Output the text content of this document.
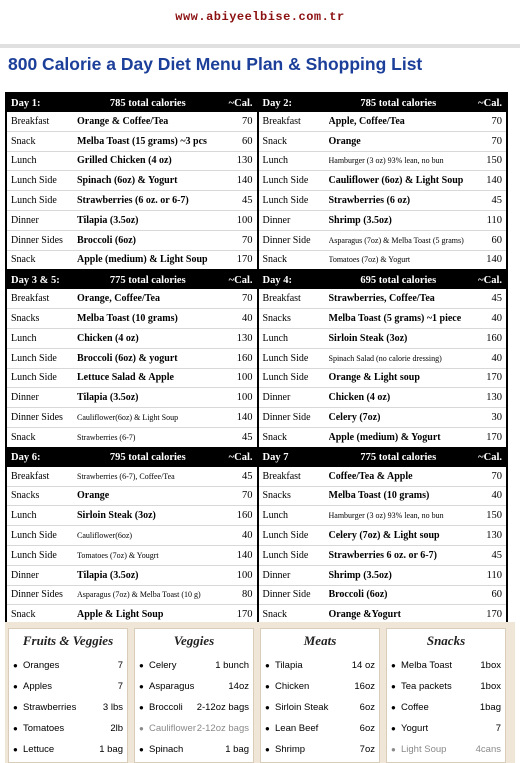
www.abiyeelbise.com.tr
800 Calorie a Day Diet Menu Plan & Shopping List
Day 1:	785 total calories	~Cal.
Breakfast	Orange & Coffee/Tea	70
Snack	Melba Toast (15 grams) ~3 pcs	60
Lunch	Grilled Chicken (4 oz)	130
Lunch Side	Spinach (6oz) & Yogurt	140
Lunch Side	Strawberries (6 oz. or 6-7)	45
Dinner	Tilapia (3.5oz)	100
Dinner Sides	Broccoli (6oz)	70
Snack	Apple (medium) & Light Soup	170
Day 2:	785 total calories	~Cal.
Breakfast	Apple, Coffee/Tea	70
Snack	Orange	70
Lunch	Hamburger (3 oz) 93% lean, no bun	150
Lunch Side	Cauliflower (6oz) & Light Soup	140
Lunch Side	Strawberries (6 oz)	45
Dinner	Shrimp (3.5oz)	110
Dinner Side	Asparagus (7oz) & Melba Toast (5 grams)	60
Snack	Tomatoes (7oz) & Yogurt	140
Day 3 & 5:	775 total calories	~Cal.
Breakfast	Orange, Coffee/Tea	70
Snacks	Melba Toast (10 grams)	40
Lunch	Chicken (4 oz)	130
Lunch Side	Broccoli (6oz) & yogurt	160
Lunch Side	Lettuce Salad & Apple	100
Dinner	Tilapia (3.5oz)	100
Dinner Sides	Cauliflower(6oz) & Light Soup	140
Snack	Strawberries (6-7)	45
Day 4:	695 total calories	~Cal.
Breakfast	Strawberries, Coffee/Tea	45
Snacks	Melba Toast (5 grams) ~1 piece	40
Lunch	Sirloin Steak (3oz)	160
Lunch Side	Spinach Salad (no calorie dressing)	40
Lunch Side	Orange & Light soup	170
Dinner	Chicken (4 oz)	130
Dinner Side	Celery (7oz)	30
Snack	Apple (medium) & Yogurt	170
Day 6:	795 total calories	~Cal.
Breakfast	Strawberries (6-7), Coffee/Tea	45
Snacks	Orange	70
Lunch	Sirloin Steak (3oz)	160
Lunch Side	Cauliflower(6oz)	40
Lunch Side	Tomatoes (7oz) & Yougrt	140
Dinner	Tilapia (3.5oz)	100
Dinner Sides	Asparagus (7oz) & Melba Toast (10 g)	80
Snack	Apple & Light Soup	170
Day 7	775 total calories	~Cal.
Breakfast	Coffee/Tea & Apple	70
Snacks	Melba Toast (10 grams)	40
Lunch	Hamburger (3 oz) 93% lean, no bun	150
Lunch Side	Celery (7oz) & Light soup	130
Lunch Side	Strawberries 6 oz. or 6-7)	45
Dinner	Shrimp (3.5oz)	110
Dinner Side	Broccoli (6oz)	60
Snack	Orange &Yogurt	170
Fruits & Veggies
● Oranges	7
● Apples	7
● Strawberries	3 lbs
● Tomatoes	2lb
● Lettuce	1 bag
Veggies
● Celery	1 bunch
● Asparagus	14oz
● Broccoli	2-12oz bags
● Cauliflower 2-12oz bags
● Spinach	1 bag
Meats
● Tilapia	14 oz
● Chicken	16oz
● Sirloin Steak	6oz
● Lean Beef	6oz
● Shrimp	7oz
Snacks
● Melba Toast	1box
● Tea packets	1box
● Coffee	1bag
● Yogurt	7
● Light Soup	4cans
